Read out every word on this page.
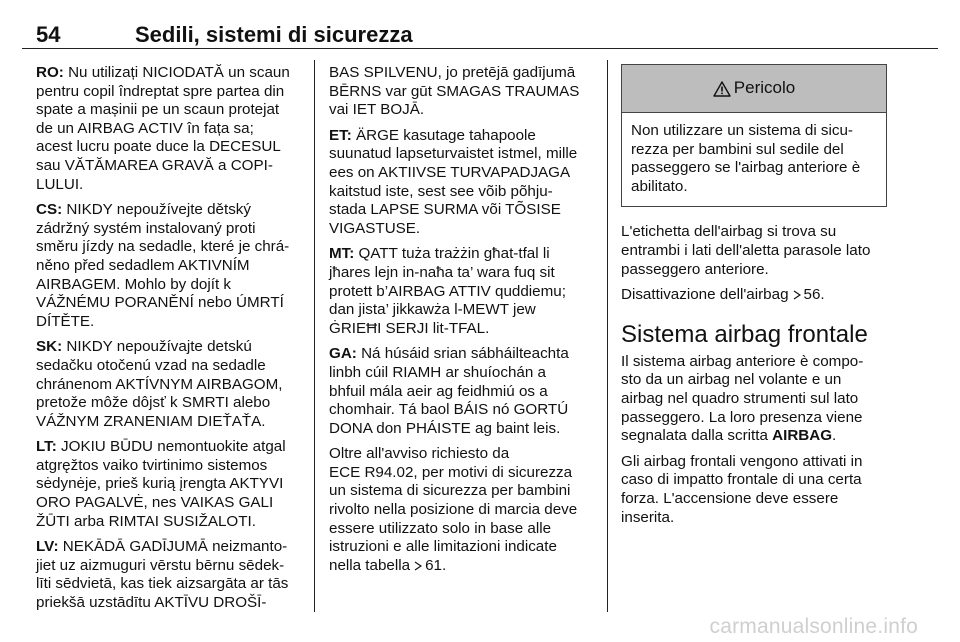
54	Sedili, sistemi di sicurezza

RO: Nu utilizați NICIODATĂ un scaun
pentru copil îndreptat spre partea din
spate a mașinii pe un scaun protejat
de un AIRBAG ACTIV în fața sa;
acest lucru poate duce la DECESUL
sau VĂTĂMAREA GRAVĂ a COPI-
LULUI.

CS: NIKDY nepoužívejte dětský
zádržný systém instalovaný proti
směru jízdy na sedadle, které je chrá-
něno před sedadlem AKTIVNÍM
AIRBAGEM. Mohlo by dojít k
VÁŽNÉMU PORANĚNÍ nebo ÚMRTÍ
DÍTĚTE.

SK: NIKDY nepoužívajte detskú
sedačku otočenú vzad na sedadle
chránenom AKTÍVNYM AIRBAGOM,
pretože môže dôjsť k SMRTI alebo
VÁŽNYM ZRANENIAM DIEŤAŤA.

LT: JOKIU BŪDU nemontuokite atgal
atgręžtos vaiko tvirtinimo sistemos
sėdynėje, prieš kurią įrengta AKTYVI
ORO PAGALVĖ, nes VAIKAS GALI
ŽŪTI arba RIMTAI SUSIŽALOTI.

LV: NEKĀDĀ GADĪJUMĀ neizmanto-
jiet uz aizmuguri vērstu bērnu sēdek-
līti sēdvietā, kas tiek aizsargāta ar tās
priekšā uzstādītu AKTĪVU DROŠĪ-

BAS SPILVENU, jo pretējā gadījumā
BĒRNS var gūt SMAGAS TRAUMAS
vai IET BOJĀ.

ET: ÄRGE kasutage tahapoole
suunatud lapseturvaistet istmel, mille
ees on AKTIIVSE TURVAPADJAGA
kaitstud iste, sest see võib põhju-
stada LAPSE SURMA või TÕSISE
VIGASTUSE.

MT: QATT tuża trażżin għat-tfal li
jħares lejn in-naħa ta’ wara fuq sit
protett b’AIRBAG ATTIV quddiemu;
dan jista’ jikkawża l-MEWT jew
ĠRIEĦI SERJI lit-TFAL.

GA: Ná húsáid srian sábháilteachta
linbh cúil RIAMH ar shuíochán a
bhfuil mála aeir ag feidhmiú os a
chomhair. Tá baol BÁIS nó GORTÚ
DONA don PHÁISTE ag baint leis.

Oltre all'avviso richiesto da
ECE R94.02, per motivi di sicurezza
un sistema di sicurezza per bambini
rivolto nella posizione di marcia deve
essere utilizzato solo in base alle
istruzioni e alle limitazioni indicate
nella tabella 61.

Pericolo
Non utilizzare un sistema di sicu-
rezza per bambini sul sedile del
passeggero se l'airbag anteriore è
abilitato.

L'etichetta dell'airbag si trova su
entrambi i lati dell'aletta parasole lato
passeggero anteriore.

Disattivazione dell'airbag 56.

Sistema airbag frontale

Il sistema airbag anteriore è compo-
sto da un airbag nel volante e un
airbag nel quadro strumenti sul lato
passeggero. La loro presenza viene
segnalata dalla scritta AIRBAG.

Gli airbag frontali vengono attivati in
caso di impatto frontale di una certa
forza. L'accensione deve essere
inserita.

carmanualsonline.info
